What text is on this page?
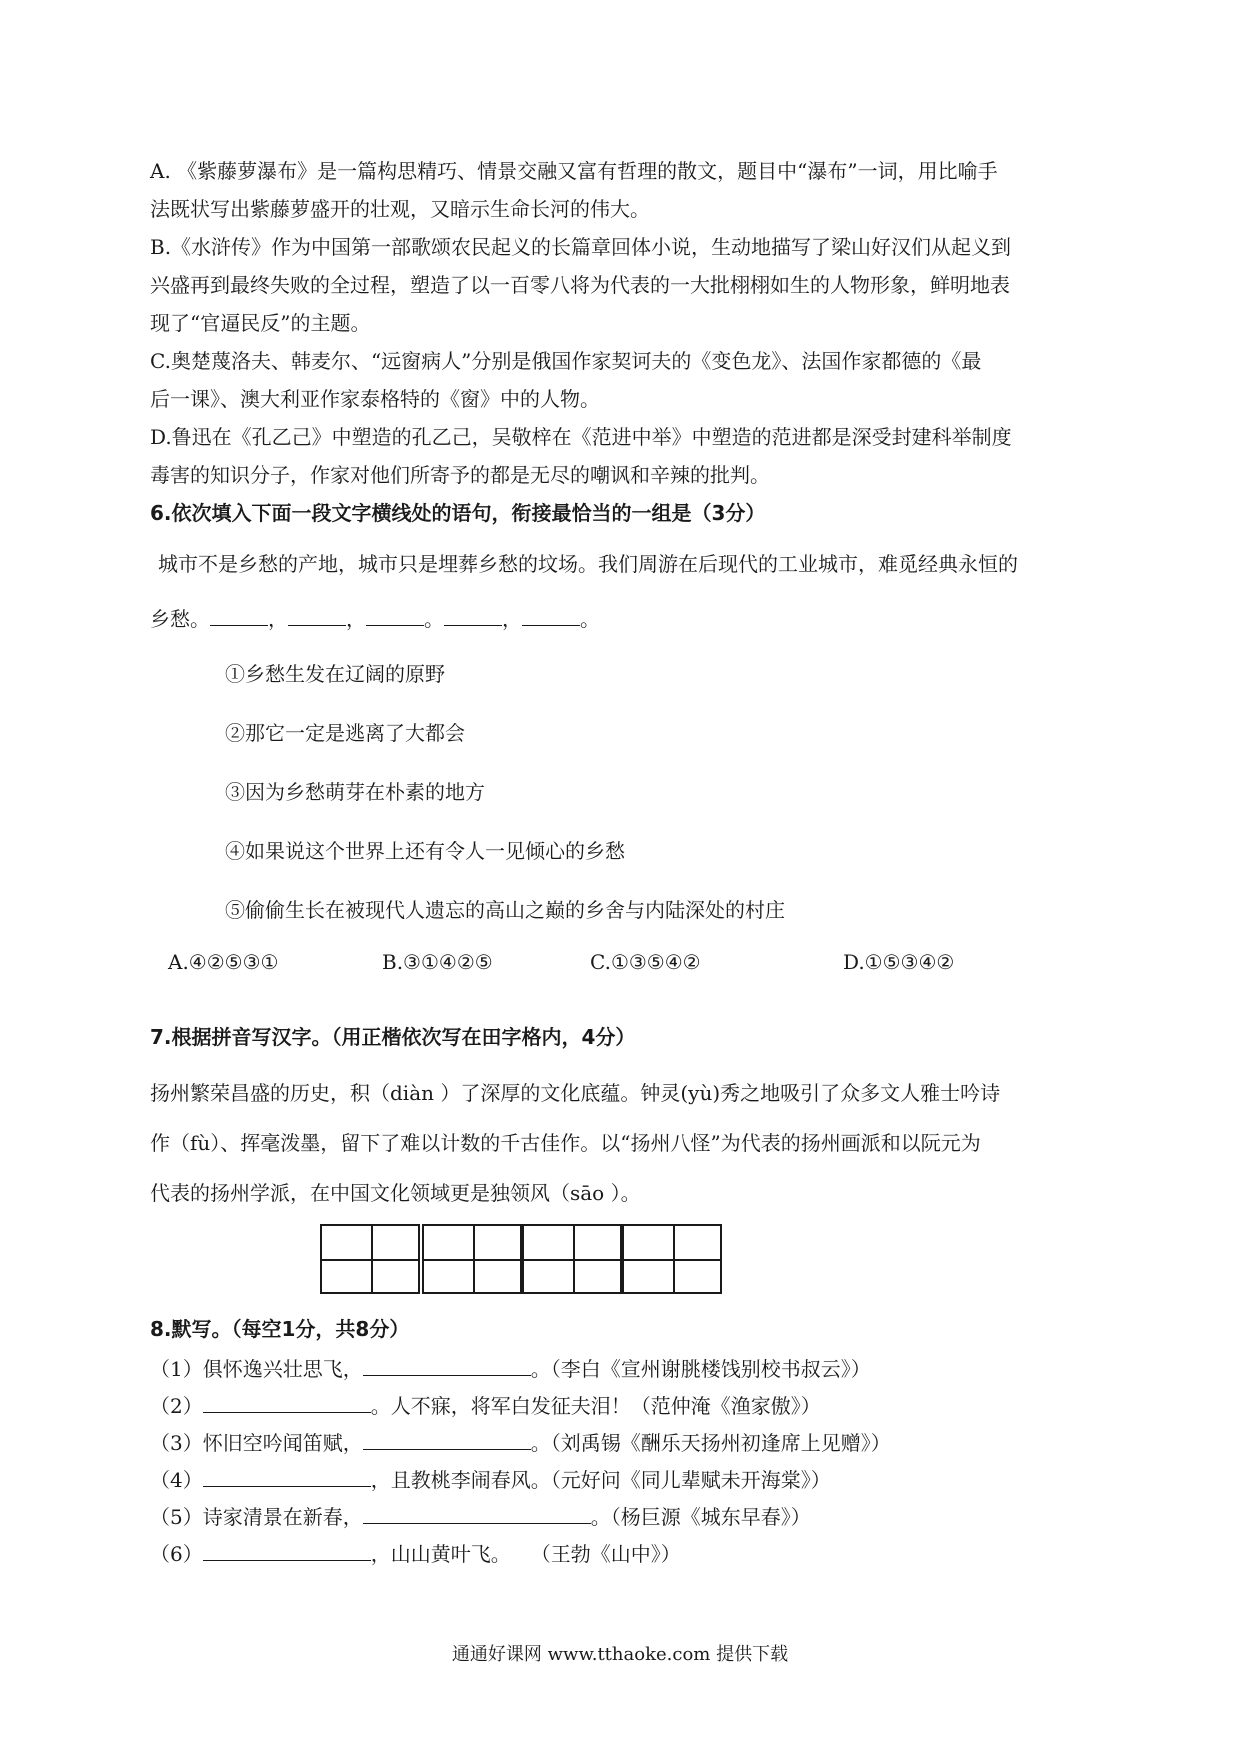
A. 《紫藤萝瀑布》是一篇构思精巧、情景交融又富有哲理的散文，题目中“瀑布”一词，用比喻手

法既状写出紫藤萝盛开的壮观，又暗示生命长河的伟大。

B.《水浒传》作为中国第一部歌颂农民起义的长篇章回体小说，生动地描写了梁山好汉们从起义到

兴盛再到最终失败的全过程，塑造了以一百零八将为代表的一大批栩栩如生的人物形象，鲜明地表

现了“官逼民反”的主题。

C.奥楚蔑洛夫、韩麦尔、“远窗病人”分别是俄国作家契诃夫的《变色龙》、法国作家都德的《最

后一课》、澳大利亚作家泰格特的《窗》中的人物。

D.鲁迅在《孔乙己》中塑造的孔乙己，吴敬梓在《范进中举》中塑造的范进都是深受封建科举制度

毒害的知识分子，作家对他们所寄予的都是无尽的嘲讽和辛辣的批判。

6.依次填入下面一段文字横线处的语句，衔接最恰当的一组是（3分）

城市不是乡愁的产地，城市只是埋葬乡愁的坟场。我们周游在后现代的工业城市，难觅经典永恒的

乡愁。	，	，	。	，	。

①乡愁生发在辽阔的原野

②那它一定是逃离了大都会

③因为乡愁萌芽在朴素的地方

④如果说这个世界上还有令人一见倾心的乡愁

⑤偷偷生长在被现代人遗忘的高山之巅的乡舍与内陆深处的村庄

A.④②⑤③①	B.③①④②⑤	C.①③⑤④②	D.①⑤③④②

7.根据拼音写汉字。（用正楷依次写在田字格内，4分）

扬州繁荣昌盛的历史，积（diàn ）了深厚的文化底蕴。钟灵(yù)秀之地吸引了众多文人雅士吟诗

作（fù）、挥毫泼墨，留下了难以计数的千古佳作。以“扬州八怪”为代表的扬州画派和以阮元为

代表的扬州学派，在中国文化领域更是独领风（sāo ）。

8.默写。（每空1分，共8分）

（1）俱怀逸兴壮思飞，	。（李白《宣州谢朓楼饯别校书叔云》）

（2）	。人不寐，将军白发征夫泪！（范仲淹《渔家傲》）

（3）怀旧空吟闻笛赋，	。（刘禹锡《酬乐天扬州初逢席上见赠》）

（4）	，且教桃李闹春风。（元好问《同儿辈赋未开海棠》）

（5）诗家清景在新春，	。（杨巨源《城东早春》）

（6）	，山山黄叶飞。　　（王勃《山中》）

通通好课网 www.tthaoke.com 提供下载
